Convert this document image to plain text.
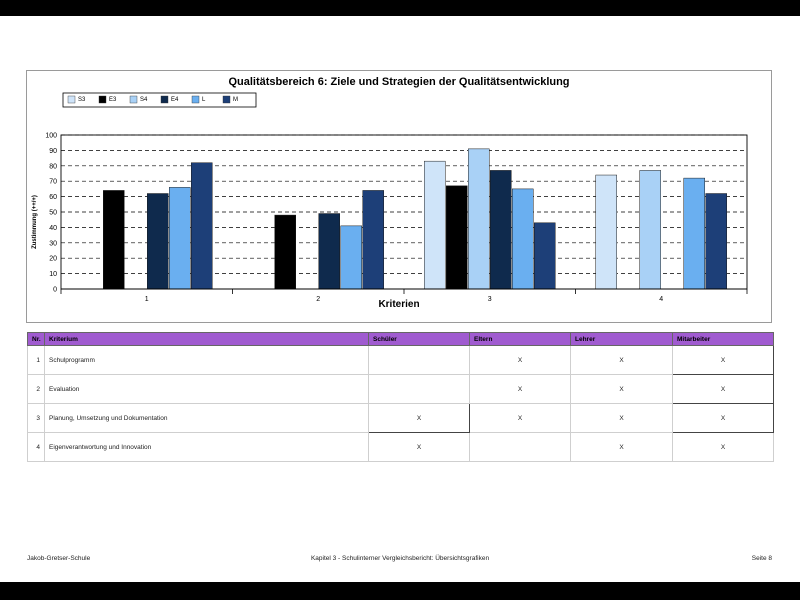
Qualitätsbereich 6: Ziele und Strategien der Qualitätsentwicklung
S3	E3	S4	E4	L	M
0
10
20
30
40
50
60
70
80
90
100
1	2	3	4
Kriterien
Zustimmung (++/+)
Nr.	Kriterium	Schüler	Eltern	Lehrer	Mitarbeiter
1	Schulprogramm		X	X	X
2	Evaluation		X	X	X
3	Planung, Umsetzung und Dokumentation	X	X	X	X
4	Eigenverantwortung und Innovation	X		X	X
Jakob-Gretser-Schule	Kapitel 3 - Schulinterner Vergleichsbericht: Übersichtsgrafiken	Seite 8
